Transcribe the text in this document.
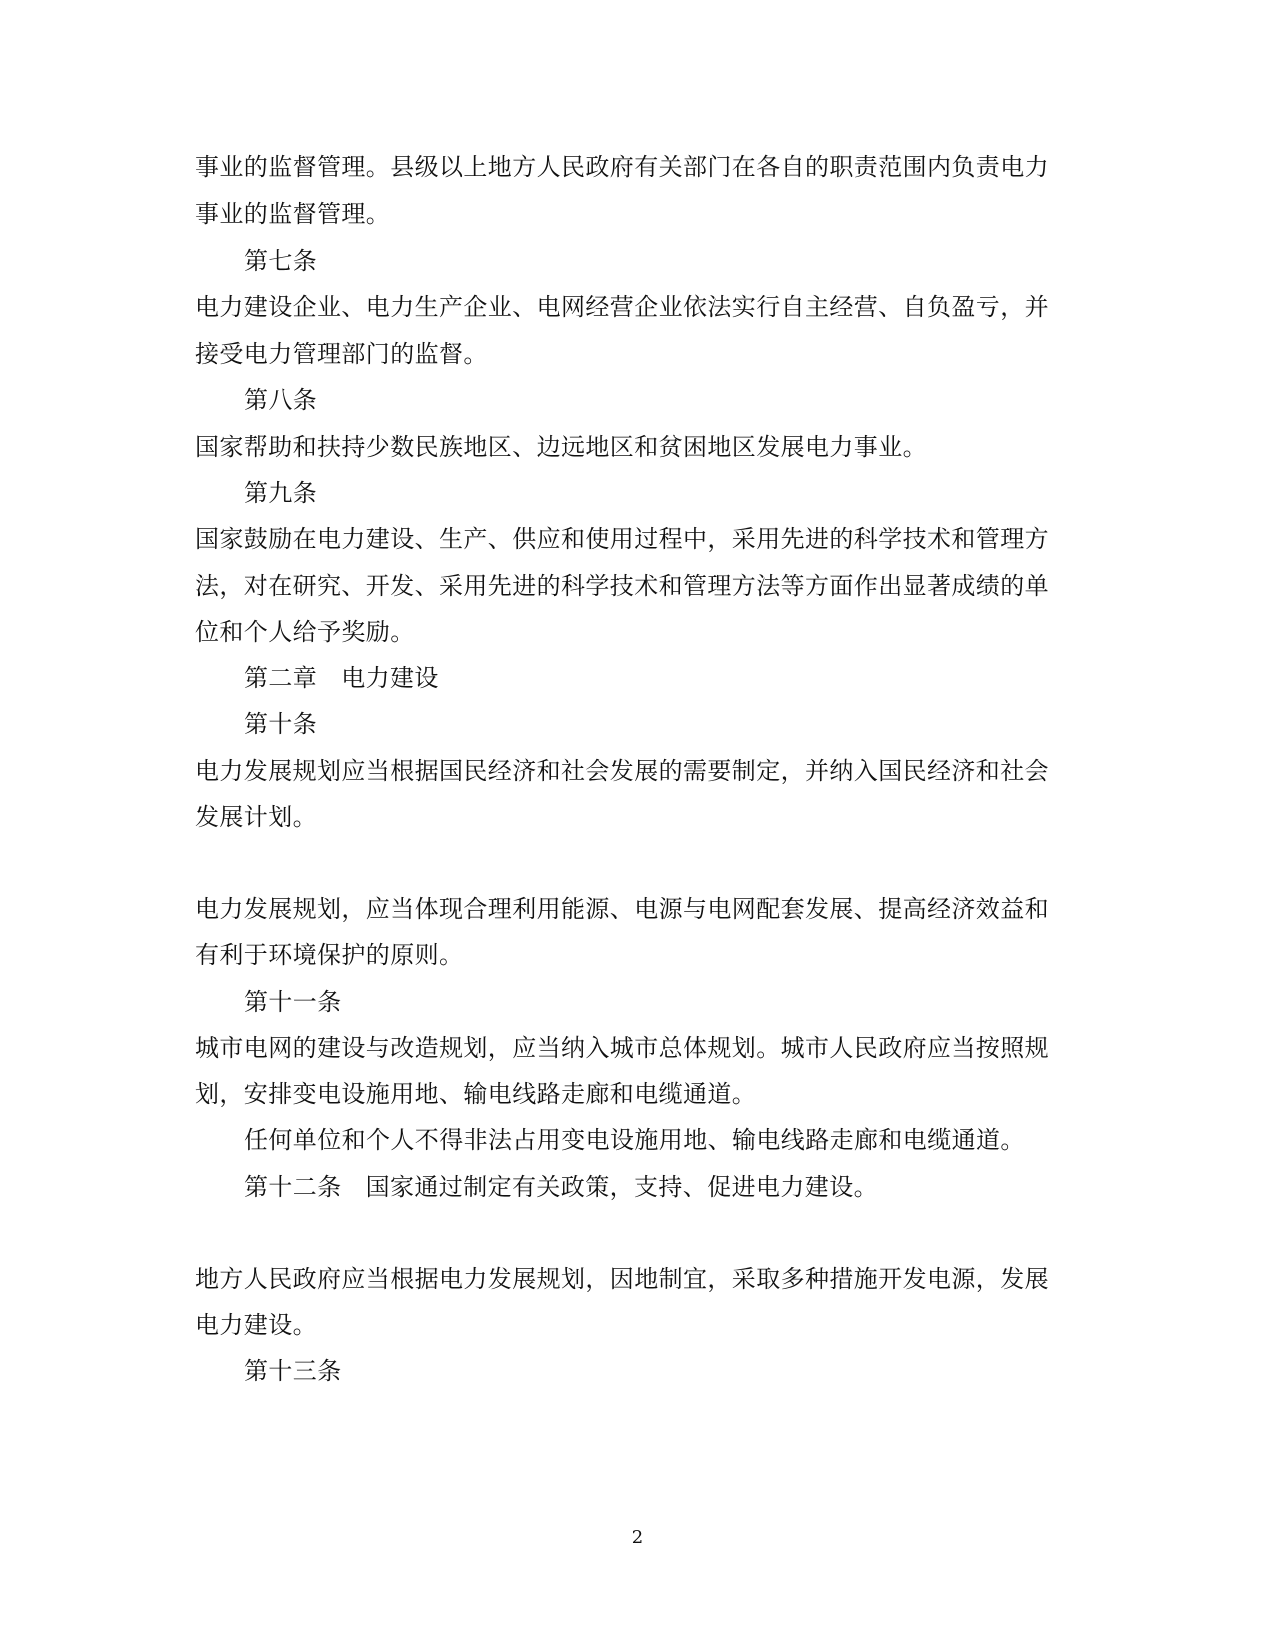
事业的监督管理。县级以上地方人民政府有关部门在各自的职责范围内负责电力
事业的监督管理。
第七条
电力建设企业、电力生产企业、电网经营企业依法实行自主经营、自负盈亏，并
接受电力管理部门的监督。
第八条
国家帮助和扶持少数民族地区、边远地区和贫困地区发展电力事业。
第九条
国家鼓励在电力建设、生产、供应和使用过程中，采用先进的科学技术和管理方
法，对在研究、开发、采用先进的科学技术和管理方法等方面作出显著成绩的单
位和个人给予奖励。
第二章 电力建设
第十条
电力发展规划应当根据国民经济和社会发展的需要制定，并纳入国民经济和社会
发展计划。
电力发展规划，应当体现合理利用能源、电源与电网配套发展、提高经济效益和
有利于环境保护的原则。
第十一条
城市电网的建设与改造规划，应当纳入城市总体规划。城市人民政府应当按照规
划，安排变电设施用地、输电线路走廊和电缆通道。
任何单位和个人不得非法占用变电设施用地、输电线路走廊和电缆通道。
第十二条 国家通过制定有关政策，支持、促进电力建设。
地方人民政府应当根据电力发展规划，因地制宜，采取多种措施开发电源，发展
电力建设。
第十三条
2
